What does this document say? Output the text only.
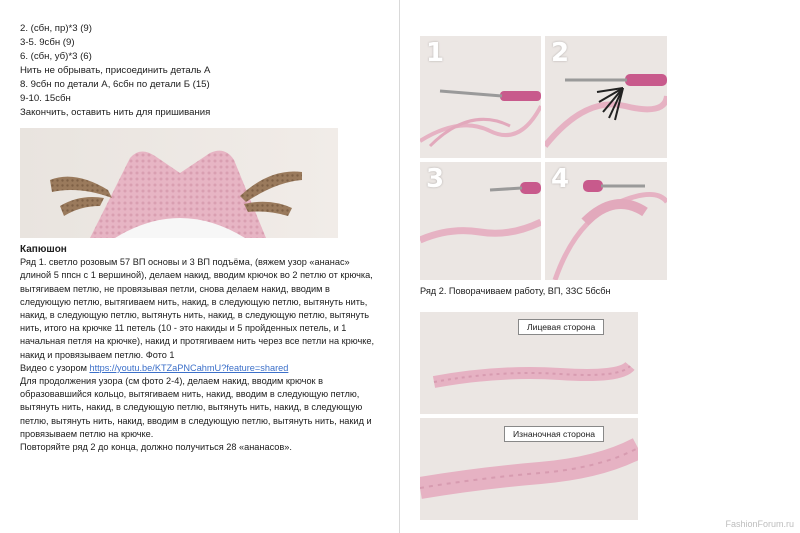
2. (сбн, пр)*3 (9)
3-5. 9сбн (9)
6. (сбн, уб)*3 (6)
Нить не обрывать, присоединить деталь А
8. 9сбн по детали А, 6сбн по детали Б (15)
9-10. 15сбн
Закончить, оставить нить для пришивания

Капюшон

Ряд 1. светло розовым 57 ВП основы и 3 ВП подъёма, (вяжем узор «ананас» длиной 5 ппсн с 1 вершиной), делаем накид, вводим крючок во 2 петлю от крючка, вытягиваем петлю, не провязывая петли, снова делаем накид, вводим в следующую петлю, вытягиваем нить, накид, в следующую петлю, вытянуть нить, накид, в следующую петлю, вытянуть нить, накид, в следующую петлю, вытянуть нить, итого на крючке 11 петель (10 - это накиды и 5 пройденных петель, и 1 начальная петля на крючке), накид и протягиваем нить через все петли на крючке, накид и провязываем петлю. Фото 1

Видео с узором https://youtu.be/KTZaPNCahmU?feature=shared

Для продолжения узора (см фото 2-4), делаем накид, вводим крючок в образовавшийся кольцо, вытягиваем нить, накид, вводим в следующую петлю, вытянуть нить, накид, в следующую петлю, вытянуть нить, накид, в следующую петлю, вытянуть нить, накид, вводим в следующую петлю, вытянуть нить, накид и провязываем петлю на крючке.

Повторяйте ряд 2 до конца, должно получиться 28 «ананасов».

1	2
3	4
Ряд 2. Поворачиваем работу, ВП, 3ЗС 5бсбн
Лицевая сторона
Изнаночная сторона
FashionForum.ru
